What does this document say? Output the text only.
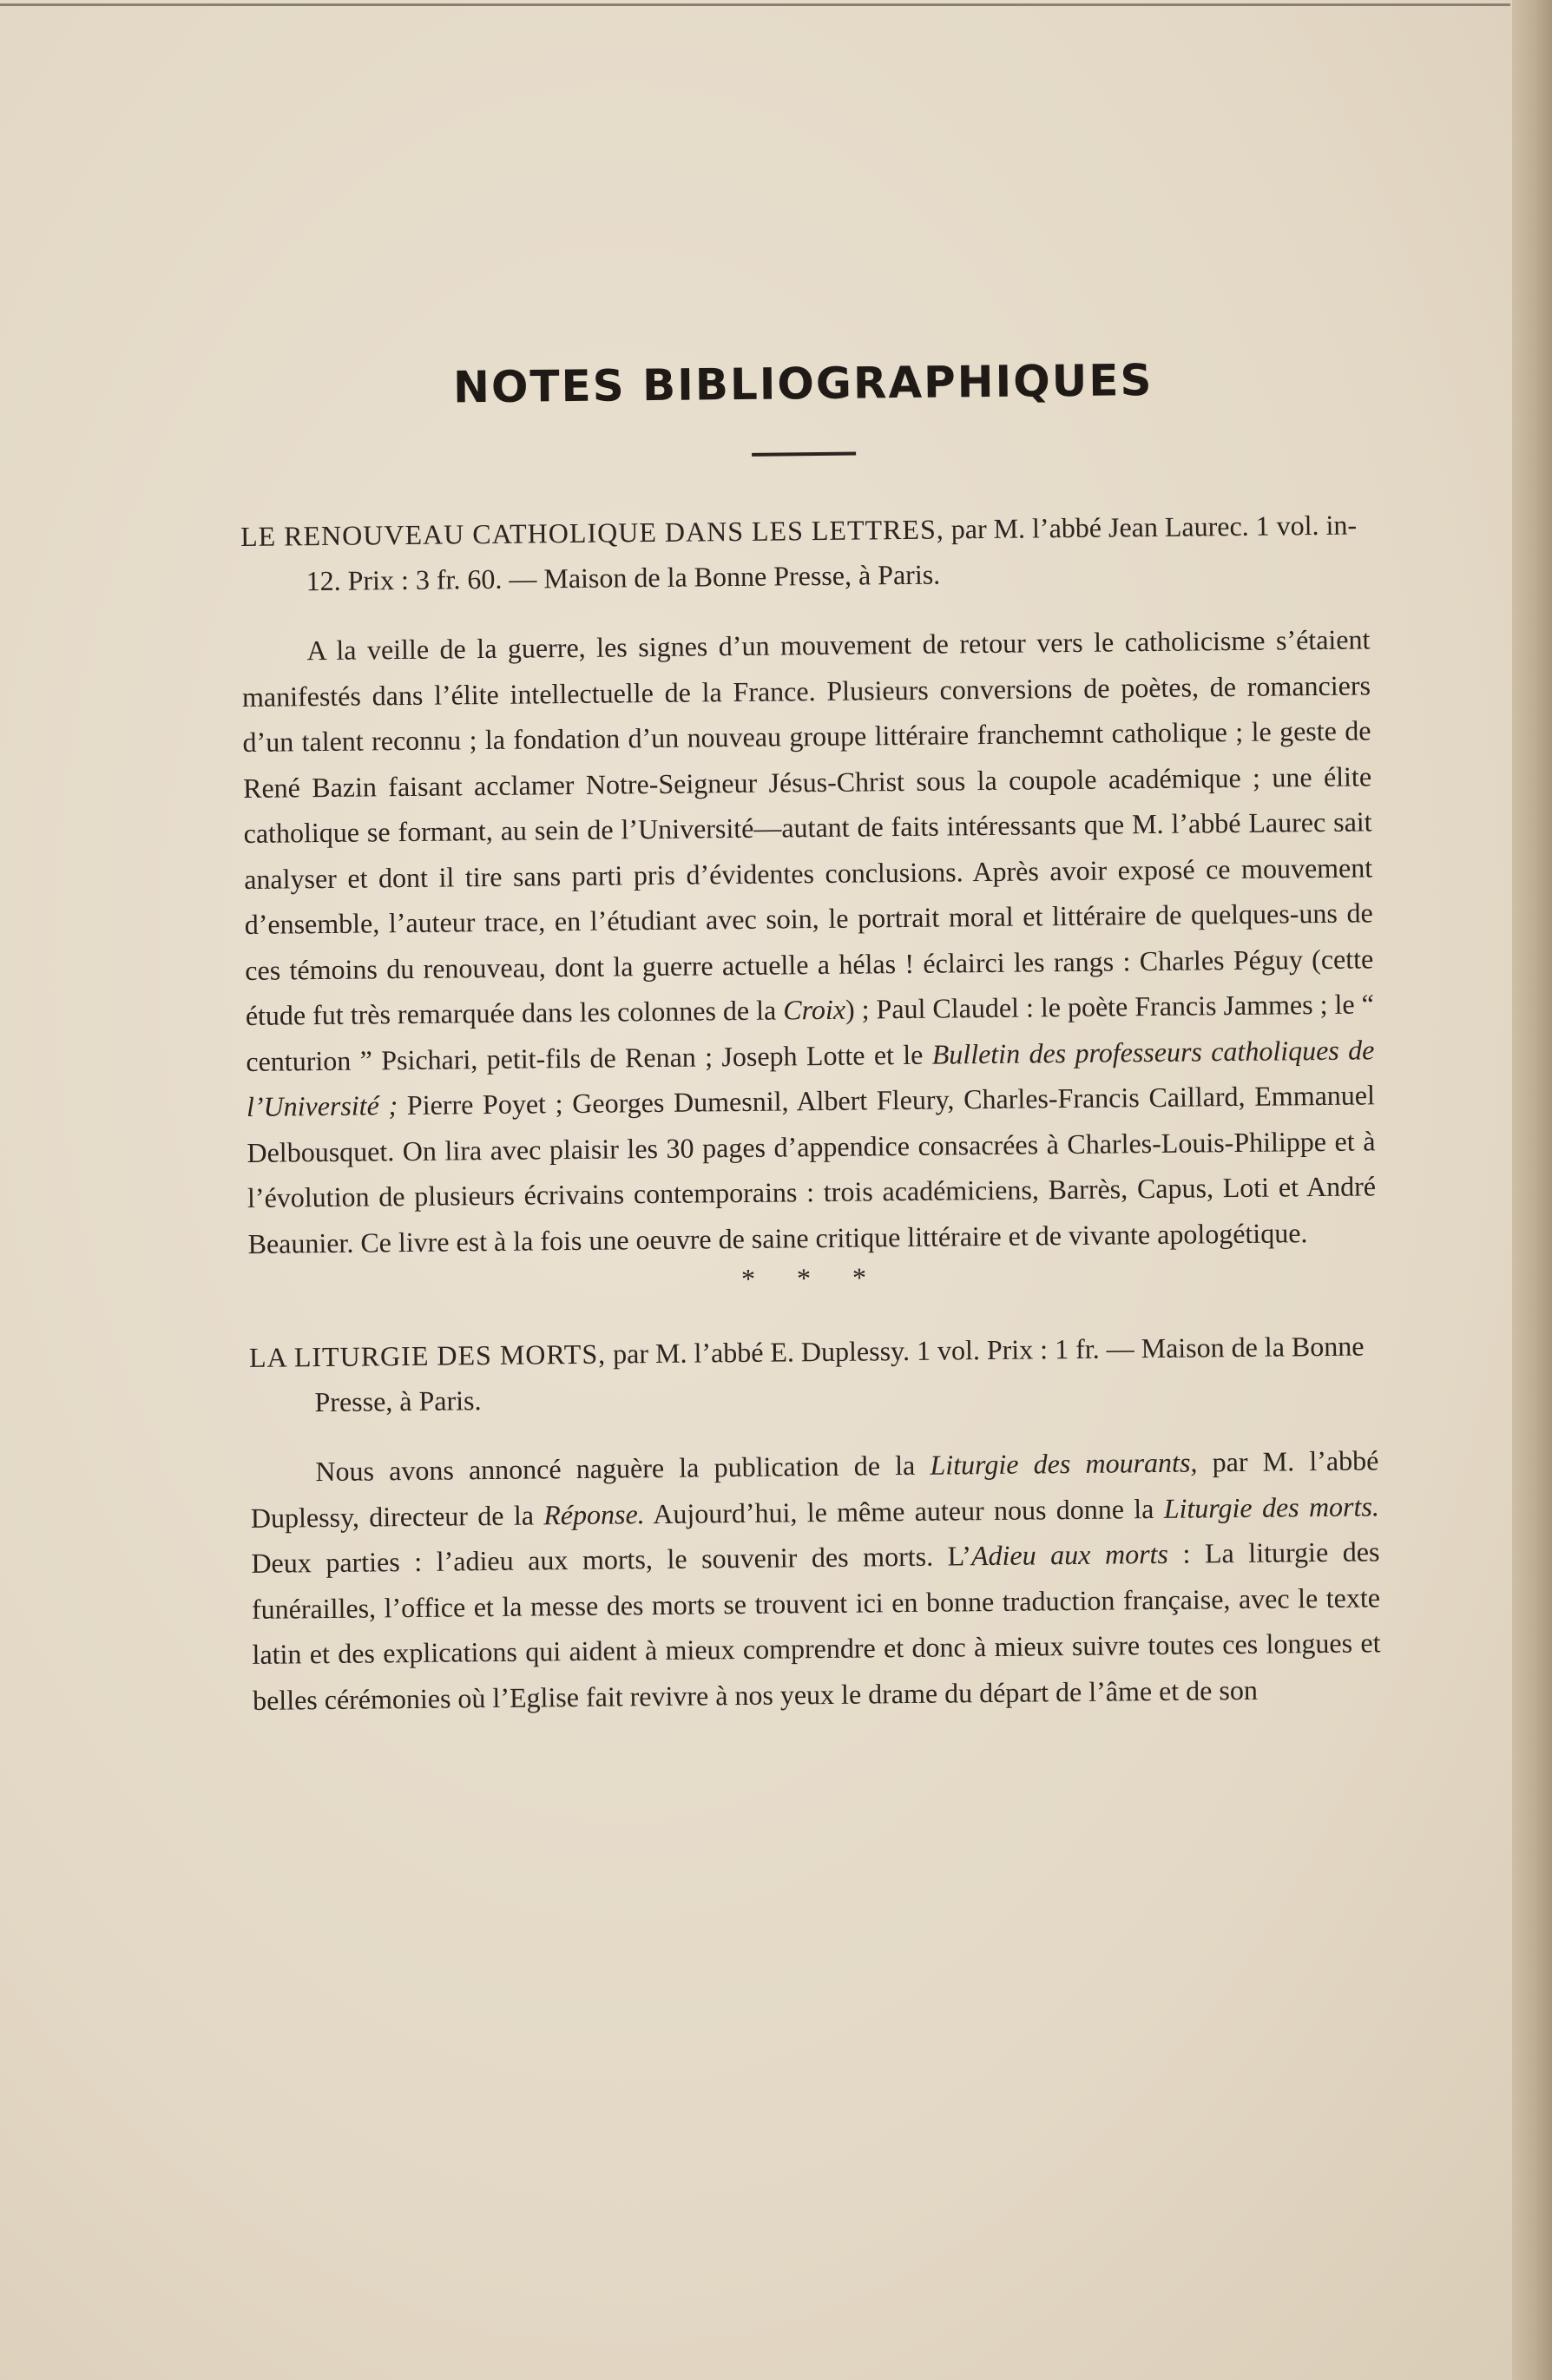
NOTES BIBLIOGRAPHIQUES

LE RENOUVEAU CATHOLIQUE DANS LES LETTRES, par M. l’abbé Jean Laurec. 1 vol. in-12. Prix : 3 fr. 60. — Maison de la Bonne Presse, à Paris.

A la veille de la guerre, les signes d’un mouvement de retour vers le catholicisme s’étaient manifestés dans l’élite intellectuelle de la France. Plusieurs conversions de poètes, de romanciers d’un talent reconnu ; la fondation d’un nouveau groupe littéraire franchemnt catholique ; le geste de René Bazin faisant acclamer Notre-Seigneur Jésus-Christ sous la coupole académique ; une élite catholique se formant, au sein de l’Université—autant de faits intéressants que M. l’abbé Laurec sait analyser et dont il tire sans parti pris d’évidentes conclusions. Après avoir exposé ce mouvement d’ensemble, l’auteur trace, en l’étudiant avec soin, le portrait moral et littéraire de quelques-uns de ces témoins du renouveau, dont la guerre actuelle a hélas ! éclairci les rangs : Charles Péguy (cette étude fut très remarquée dans les colonnes de la Croix) ; Paul Claudel : le poète Francis Jammes ; le “ centurion ” Psichari, petit-fils de Renan ; Joseph Lotte et le Bulletin des professeurs catholiques de l’Université ; Pierre Poyet ; Georges Dumesnil, Albert Fleury, Charles-Francis Caillard, Emmanuel Delbousquet. On lira avec plaisir les 30 pages d’appendice consacrées à Charles-Louis-Philippe et à l’évolution de plusieurs écrivains contemporains : trois académiciens, Barrès, Capus, Loti et André Beaunier. Ce livre est à la fois une oeuvre de saine critique littéraire et de vivante apologétique.

* * *

LA LITURGIE DES MORTS, par M. l’abbé E. Duplessy. 1 vol. Prix : 1 fr. — Maison de la Bonne Presse, à Paris.

Nous avons annoncé naguère la publication de la Liturgie des mourants, par M. l’abbé Duplessy, directeur de la Réponse. Aujourd’hui, le même auteur nous donne la Liturgie des morts. Deux parties : l’adieu aux morts, le souvenir des morts. L’Adieu aux morts : La liturgie des funérailles, l’office et la messe des morts se trouvent ici en bonne traduction française, avec le texte latin et des explications qui aident à mieux comprendre et donc à mieux suivre toutes ces longues et belles cérémonies où l’Eglise fait revivre à nos yeux le drame du départ de l’âme et de son
